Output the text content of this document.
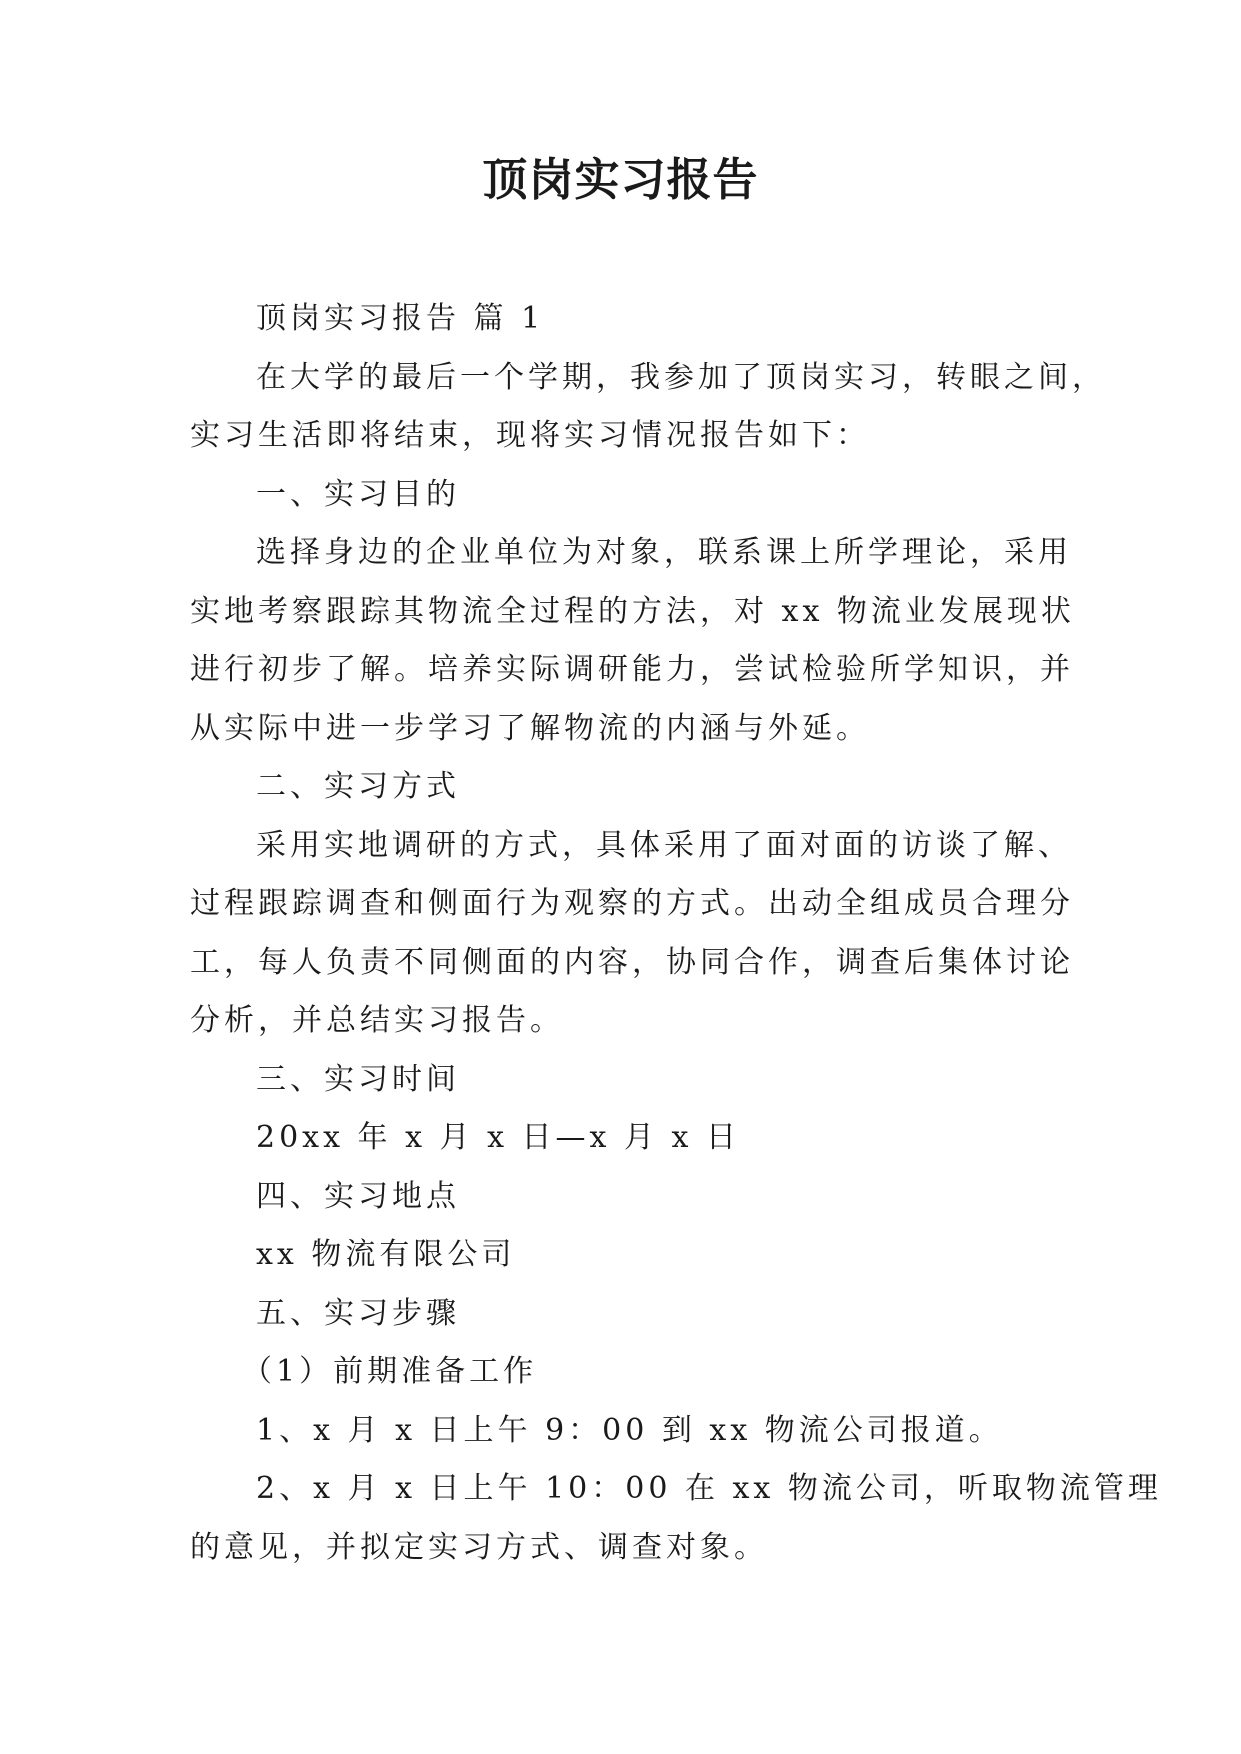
顶岗实习报告

顶岗实习报告 篇 1

在大学的最后一个学期，我参加了顶岗实习，转眼之间，

实习生活即将结束，现将实习情况报告如下：

一、实习目的

选择身边的企业单位为对象，联系课上所学理论，采用

实地考察跟踪其物流全过程的方法，对 xx 物流业发展现状

进行初步了解。培养实际调研能力，尝试检验所学知识，并

从实际中进一步学习了解物流的内涵与外延。

二、实习方式

采用实地调研的方式，具体采用了面对面的访谈了解、

过程跟踪调查和侧面行为观察的方式。出动全组成员合理分

工，每人负责不同侧面的内容，协同合作，调查后集体讨论

分析，并总结实习报告。

三、实习时间

20xx 年 x 月 x 日—x 月 x 日

四、实习地点

xx 物流有限公司

五、实习步骤

（1）前期准备工作

1、x 月 x 日上午 9：00 到 xx 物流公司报道。

2、x 月 x 日上午 10：00 在 xx 物流公司，听取物流管理

的意见，并拟定实习方式、调查对象。
